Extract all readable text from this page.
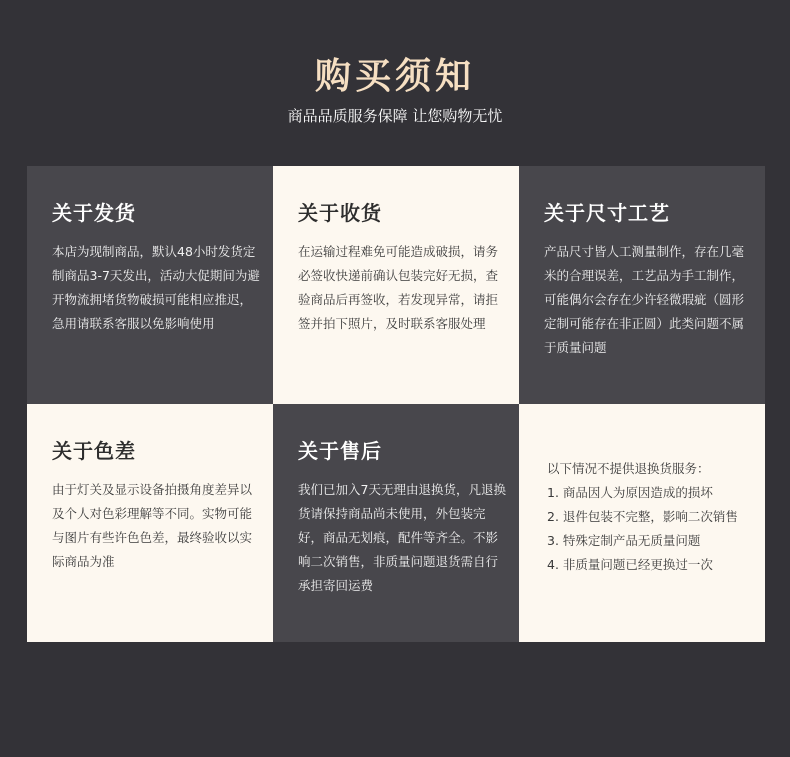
购买须知
商品品质服务保障 让您购物无忧
关于发货
本店为现制商品，默认48小时发货定制商品3-7天发出，活动大促期间为避开物流拥堵货物破损可能相应推迟，急用请联系客服以免影响使用
关于收货
在运输过程难免可能造成破损，请务必签收快递前确认包装完好无损，查验商品后再签收，若发现异常，请拒签并拍下照片，及时联系客服处理
关于尺寸工艺
产品尺寸皆人工测量制作，存在几毫米的合理误差，工艺品为手工制作，可能偶尔会存在少许轻微瑕疵（圆形定制可能存在非正圆）此类问题不属于质量问题
关于色差
由于灯关及显示设备拍摄角度差异以及个人对色彩理解等不同。实物可能与图片有些许色色差，最终验收以实际商品为准
关于售后
我们已加入7天无理由退换货，凡退换货请保持商品尚未使用，外包装完好，商品无划痕，配件等齐全。不影响二次销售，非质量问题退货需自行承担寄回运费
以下情况不提供退换货服务：
1. 商品因人为原因造成的损坏
2. 退件包装不完整，影响二次销售
3. 特殊定制产品无质量问题
4. 非质量问题已经更换过一次
